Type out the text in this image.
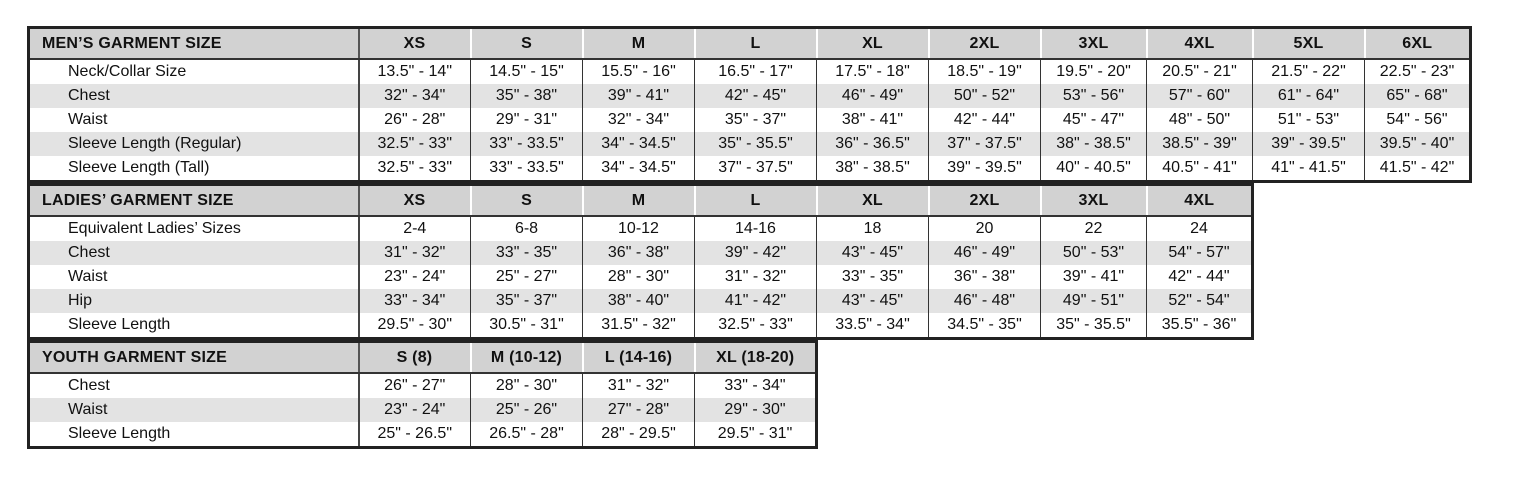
MEN’S GARMENT SIZE	XS	S	M	L	XL	2XL	3XL	4XL	5XL	6XL
Neck/Collar Size	13.5" - 14"	14.5" - 15"	15.5" - 16"	16.5" - 17"	17.5" - 18"	18.5" - 19"	19.5" - 20"	20.5" - 21"	21.5" - 22"	22.5" - 23"
Chest	32" - 34"	35" - 38"	39" - 41"	42" - 45"	46" - 49"	50" - 52"	53" - 56"	57" - 60"	61" - 64"	65" - 68"
Waist	26" - 28"	29" - 31"	32" - 34"	35" - 37"	38" - 41"	42" - 44"	45" - 47"	48" - 50"	51" - 53"	54" - 56"
Sleeve Length (Regular)	32.5" - 33"	33" - 33.5"	34" - 34.5"	35" - 35.5"	36" - 36.5"	37" - 37.5"	38" - 38.5"	38.5" - 39"	39" - 39.5"	39.5" - 40"
Sleeve Length (Tall)	32.5" - 33"	33" - 33.5"	34" - 34.5"	37" - 37.5"	38" - 38.5"	39" - 39.5"	40" - 40.5"	40.5" - 41"	41" - 41.5"	41.5" - 42"
LADIES’ GARMENT SIZE	XS	S	M	L	XL	2XL	3XL	4XL
Equivalent Ladies’ Sizes	2-4	6-8	10-12	14-16	18	20	22	24
Chest	31" - 32"	33" - 35"	36" - 38"	39" - 42"	43" - 45"	46" - 49"	50" - 53"	54" - 57"
Waist	23" - 24"	25" - 27"	28" - 30"	31" - 32"	33" - 35"	36" - 38"	39" - 41"	42" - 44"
Hip	33" - 34"	35" - 37"	38" - 40"	41" - 42"	43" - 45"	46" - 48"	49" - 51"	52" - 54"
Sleeve Length	29.5" - 30"	30.5" - 31"	31.5" - 32"	32.5" - 33"	33.5" - 34"	34.5" - 35"	35" - 35.5"	35.5" - 36"
YOUTH GARMENT SIZE	S (8)	M (10-12)	L (14-16)	XL (18-20)
Chest	26" - 27"	28" - 30"	31" - 32"	33" - 34"
Waist	23" - 24"	25" - 26"	27" - 28"	29" - 30"
Sleeve Length	25" - 26.5"	26.5" - 28"	28" - 29.5"	29.5" - 31"
